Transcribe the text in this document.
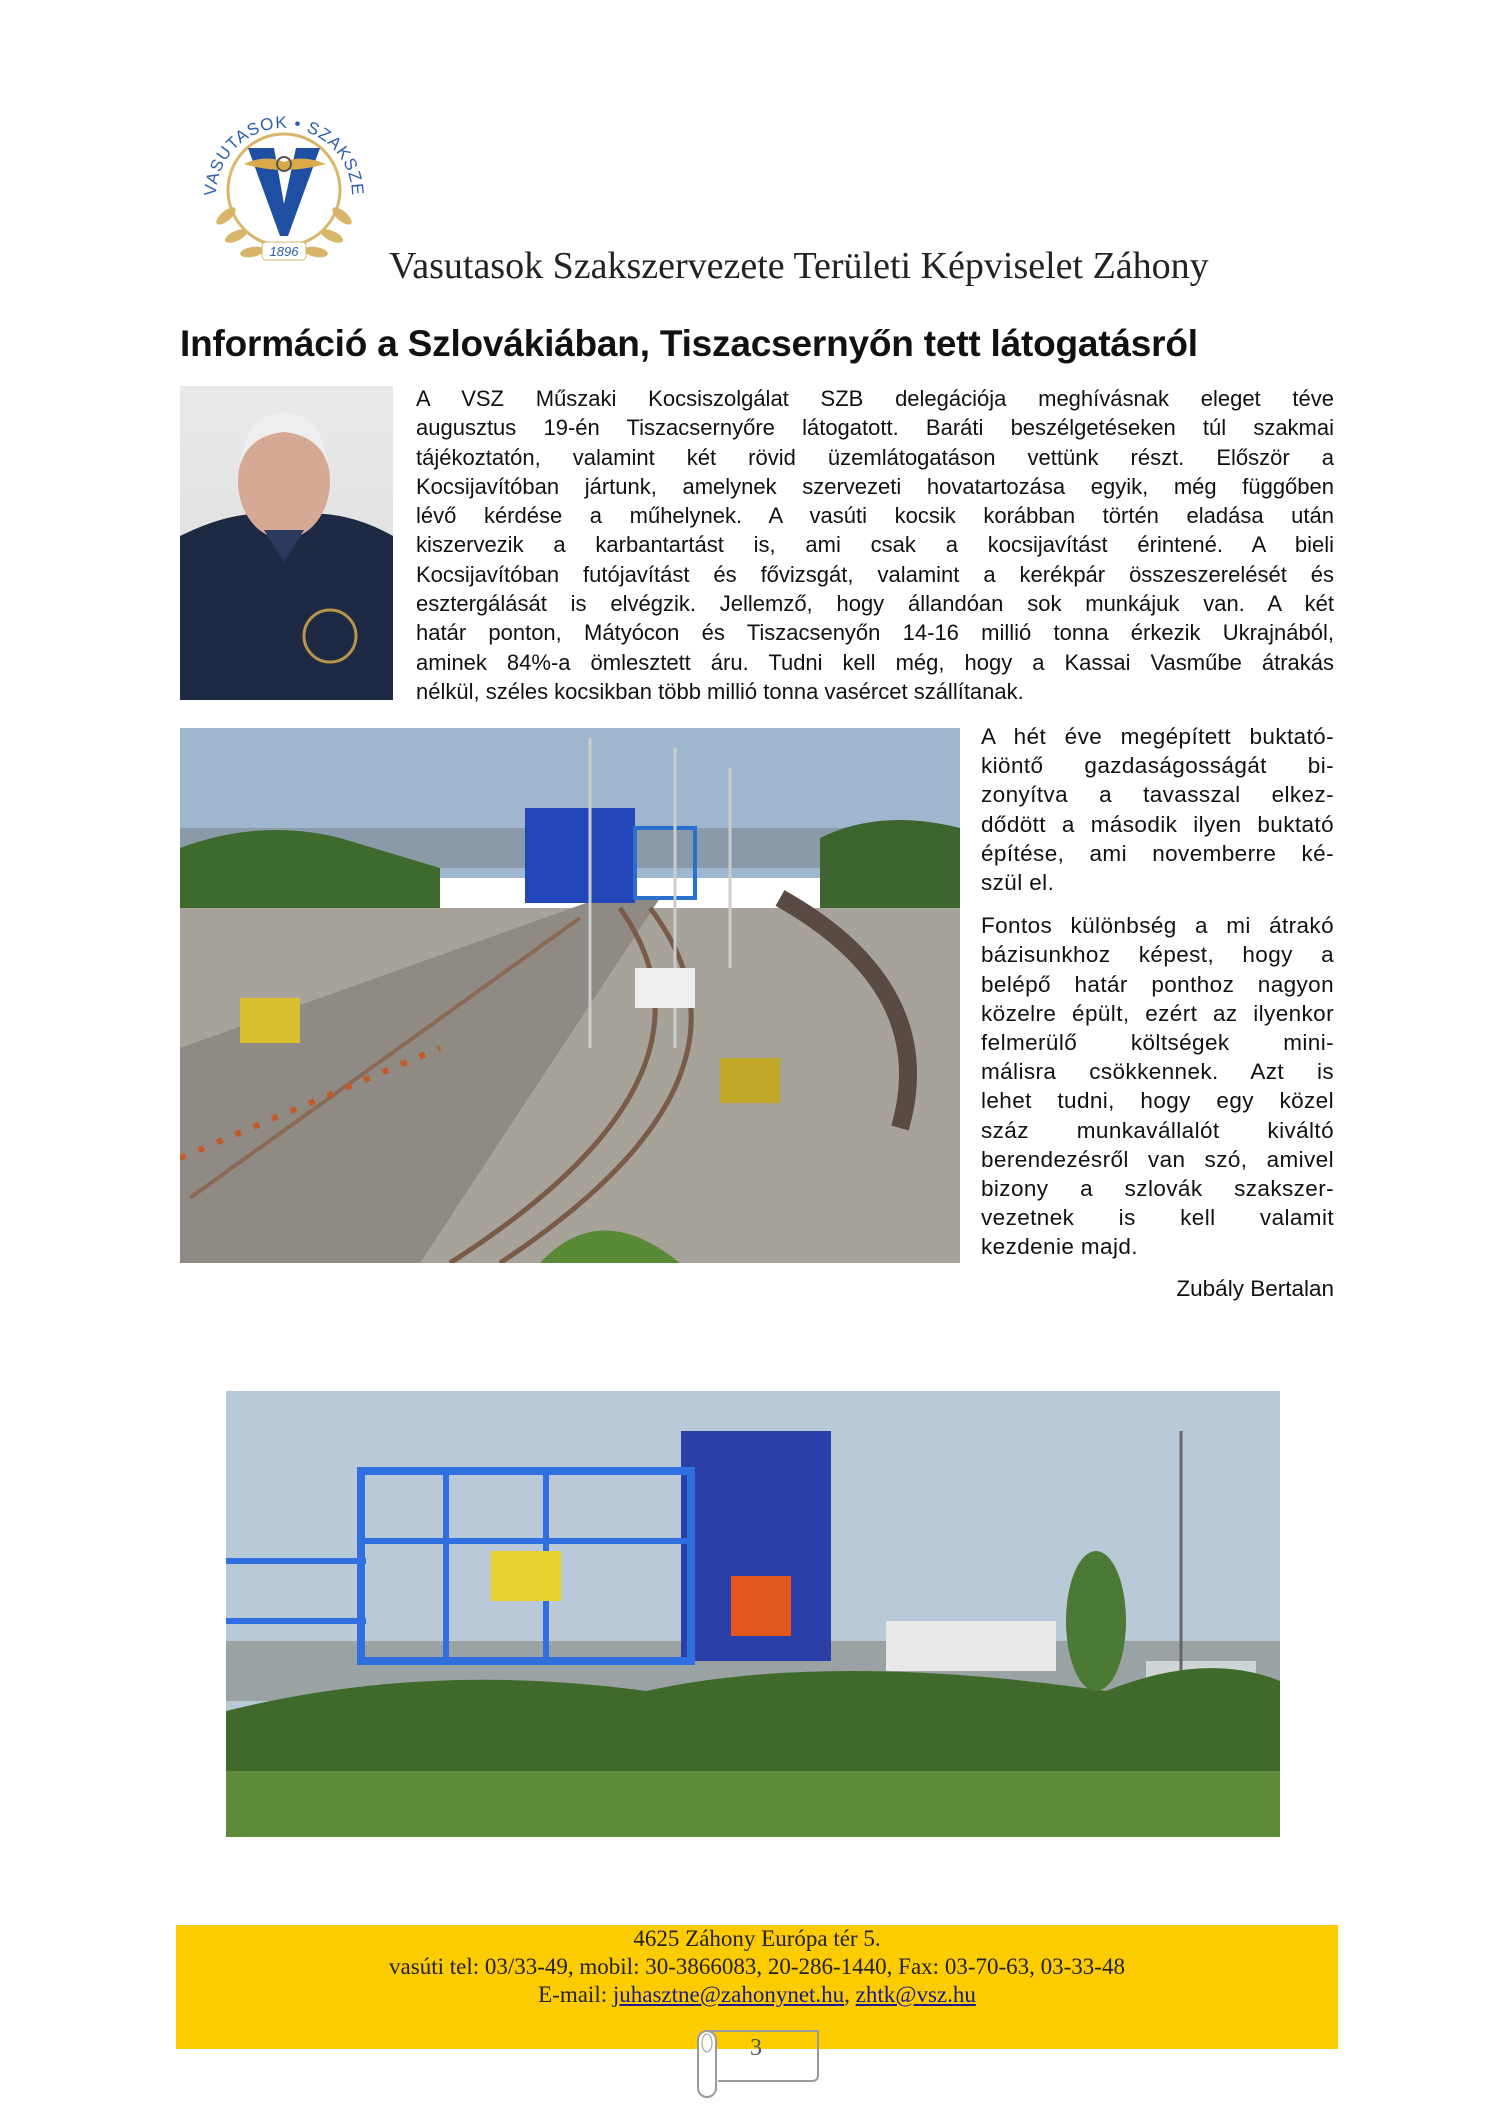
VASUTASOK • SZAKSZE
1896 Vasutasok Szakszervezete Területi Képviselet Záhony
Információ a Szlovákiában, Tiszacsernyőn tett látogatásról
A VSZ Műszaki Kocsiszolgálat SZB delegációja meghívásnak eleget téve
augusztus 19-én Tiszacsernyőre látogatott. Baráti beszélgetéseken túl szakmai
tájékoztatón, valamint két rövid üzemlátogatáson vettünk részt. Először a
Kocsijavítóban jártunk, amelynek szervezeti hovatartozása egyik, még függőben
lévő kérdése a műhelynek. A vasúti kocsik korábban történ eladása után
kiszervezik a karbantartást is, ami csak a kocsijavítást érintené. A bieli
Kocsijavítóban futójavítást és fővizsgát, valamint a kerékpár összeszerelését és
esztergálását is elvégzik. Jellemző, hogy állandóan sok munkájuk van. A két
határ ponton, Mátyócon és Tiszacsenyőn 14-16 millió tonna érkezik Ukrajnából,
aminek 84%-a ömlesztett áru. Tudni kell még, hogy a Kassai Vasműbe átrakás
nélkül, széles kocsikban több millió tonna vasércet szállítanak.
A hét éve megépített buktató-
kiöntő gazdaságosságát bi-
zonyítva a tavasszal elkez-
dődött a második ilyen buktató
építése, ami novemberre ké-
szül el.
Fontos különbség a mi átrakó
bázisunkhoz képest, hogy a
belépő határ ponthoz nagyon
közelre épült, ezért az ilyenkor
felmerülő költségek mini-
málisra csökkennek. Azt is
lehet tudni, hogy egy közel
száz munkavállalót kiváltó
berendezésről van szó, amivel
bizony a szlovák szakszer-
vezetnek is kell valamit
kezdenie majd.
Zubály Bertalan
4625 Záhony Európa tér 5.
vasúti tel: 03/33-49, mobil: 30-3866083, 20-286-1440, Fax: 03-70-63, 03-33-48
E-mail: juhasztne@zahonynet.hu, zhtk@vsz.hu
3
